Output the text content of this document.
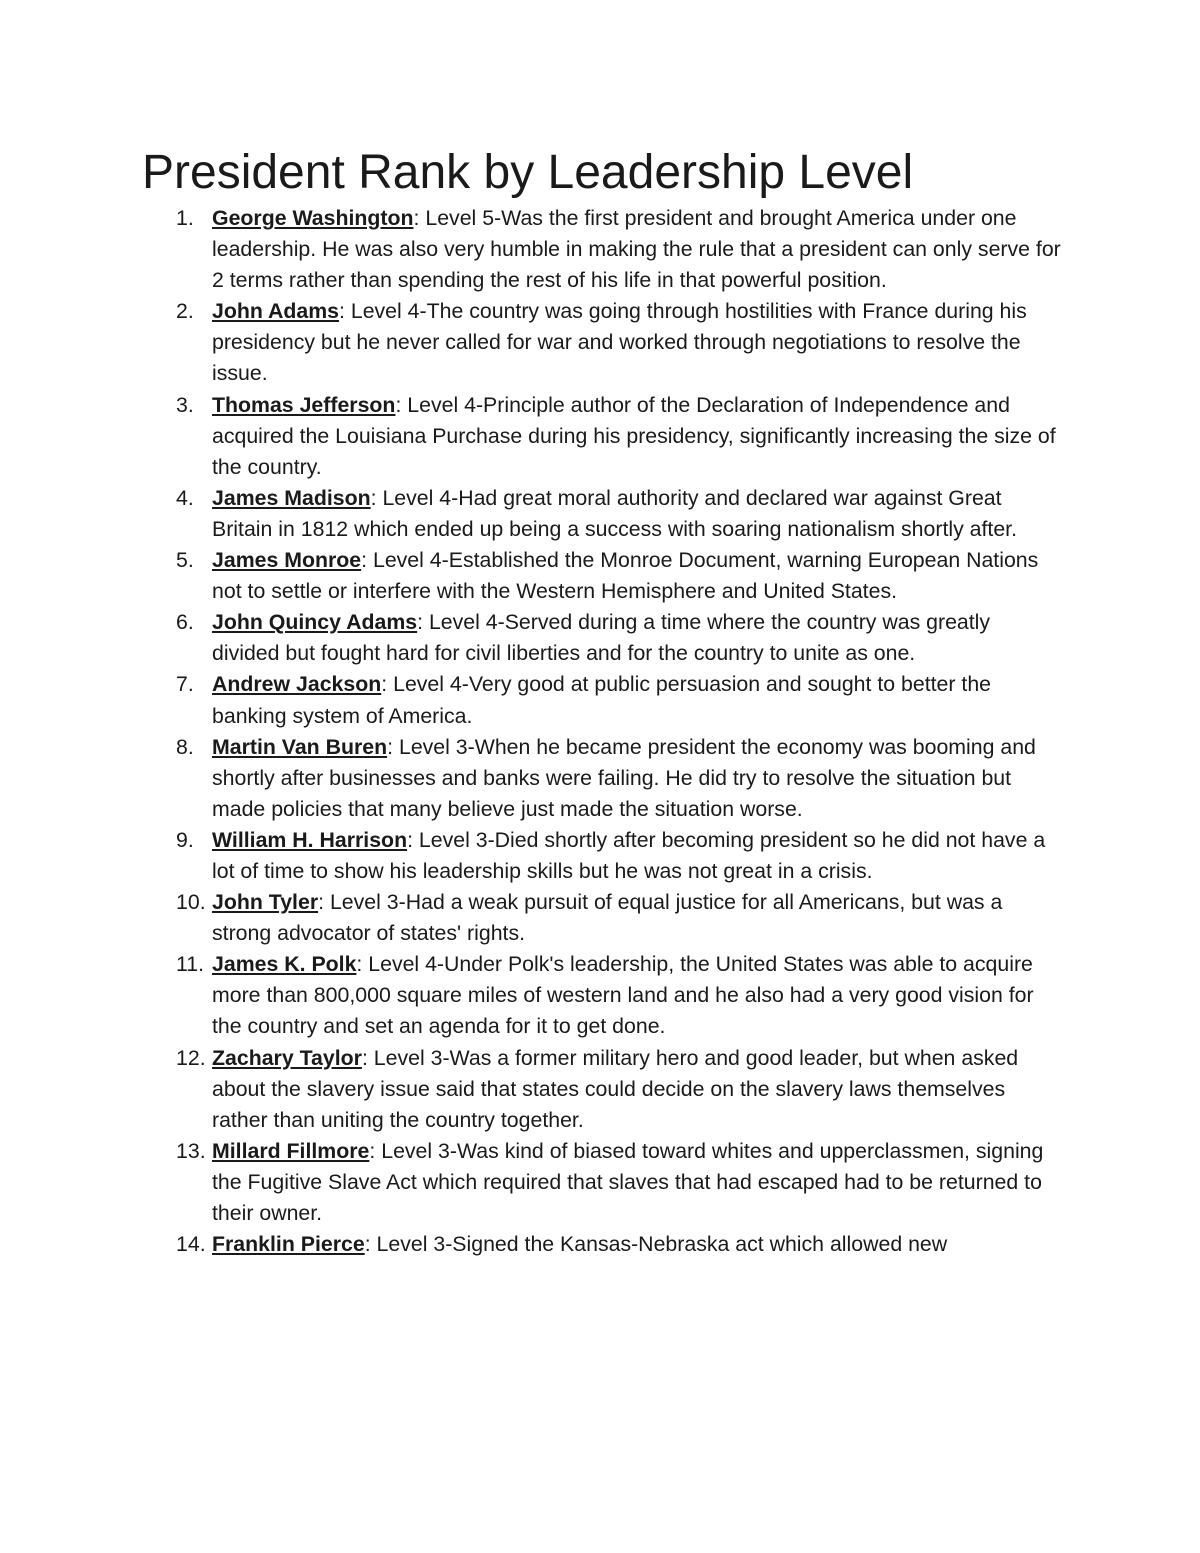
President Rank by Leadership Level
1. George Washington: Level 5-Was the first president and brought America under one leadership. He was also very humble in making the rule that a president can only serve for 2 terms rather than spending the rest of his life in that powerful position.
2. John Adams: Level 4-The country was going through hostilities with France during his presidency but he never called for war and worked through negotiations to resolve the issue.
3. Thomas Jefferson: Level 4-Principle author of the Declaration of Independence and acquired the Louisiana Purchase during his presidency, significantly increasing the size of the country.
4. James Madison: Level 4-Had great moral authority and declared war against Great Britain in 1812 which ended up being a success with soaring nationalism shortly after.
5. James Monroe: Level 4-Established the Monroe Document, warning European Nations not to settle or interfere with the Western Hemisphere and United States.
6. John Quincy Adams: Level 4-Served during a time where the country was greatly divided but fought hard for civil liberties and for the country to unite as one.
7. Andrew Jackson: Level 4-Very good at public persuasion and sought to better the banking system of America.
8. Martin Van Buren: Level 3-When he became president the economy was booming and shortly after businesses and banks were failing. He did try to resolve the situation but made policies that many believe just made the situation worse.
9. William H. Harrison: Level 3-Died shortly after becoming president so he did not have a lot of time to show his leadership skills but he was not great in a crisis.
10. John Tyler: Level 3-Had a weak pursuit of equal justice for all Americans, but was a strong advocator of states' rights.
11. James K. Polk: Level 4-Under Polk's leadership, the United States was able to acquire more than 800,000 square miles of western land and he also had a very good vision for the country and set an agenda for it to get done.
12. Zachary Taylor: Level 3-Was a former military hero and good leader, but when asked about the slavery issue said that states could decide on the slavery laws themselves rather than uniting the country together.
13. Millard Fillmore: Level 3-Was kind of biased toward whites and upperclassmen, signing the Fugitive Slave Act which required that slaves that had escaped had to be returned to their owner.
14. Franklin Pierce: Level 3-Signed the Kansas-Nebraska act which allowed new
